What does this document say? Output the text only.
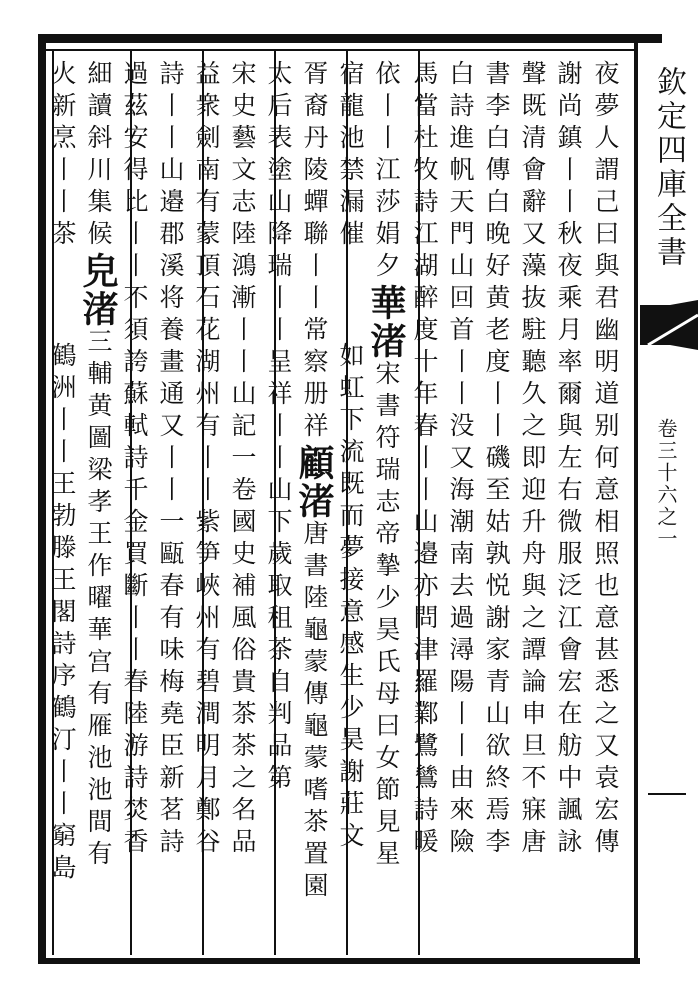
夜夢人謂己曰與君幽明道别何意相照也意甚悉之又袁宏傳
謝尚鎮丨丨秋夜乘月率爾與左右微服泛江會宏在舫中諷詠
聲既清會辭又藻抜駐聽久之即迎升舟與之譚論申旦不寐唐
書李白傳白晚好黄老度丨丨磯至姑孰悦謝家青山欲終焉李
白詩進帆天門山回首丨丨没又海潮南去過潯陽丨丨由來險
馬當杜牧詩江湖醉度十年春丨丨山邉亦問津羅鄴鷺鷥詩暖
依丨丨江莎娟夕華渚宋書符瑞志帝摯少昊氏母曰女節見星
宿龍池禁漏催如虹下流既而夢接意感生少昊謝莊文
胥裔丹陵蟬聯丨丨常察册祥顧渚唐書陸龜蒙傳龜蒙嗜茶置園
太后表塗山降瑞丨丨呈祥丨丨山下歲取租茶自判品第
宋史藝文志陸鴻漸丨丨山記一卷國史補風俗貴茶茶之名品
益衆劍南有蒙頂石花湖州有丨丨紫笋峽州有碧澗明月鄭谷
詩丨丨山邉郡溪将養畫通又丨丨一甌春有味梅堯臣新茗詩
過茲安得比丨丨不須誇蘇軾詩千金買斷丨丨春陸游詩焚香
細讀斜川集候皃渚三輔黄圖梁孝王作曜華宫有雁池池間有
火新烹丨丨茶鶴洲丨丨王勃滕王閣詩序鶴汀丨丨窮島
欽定四庫全書
卷三十六之一
